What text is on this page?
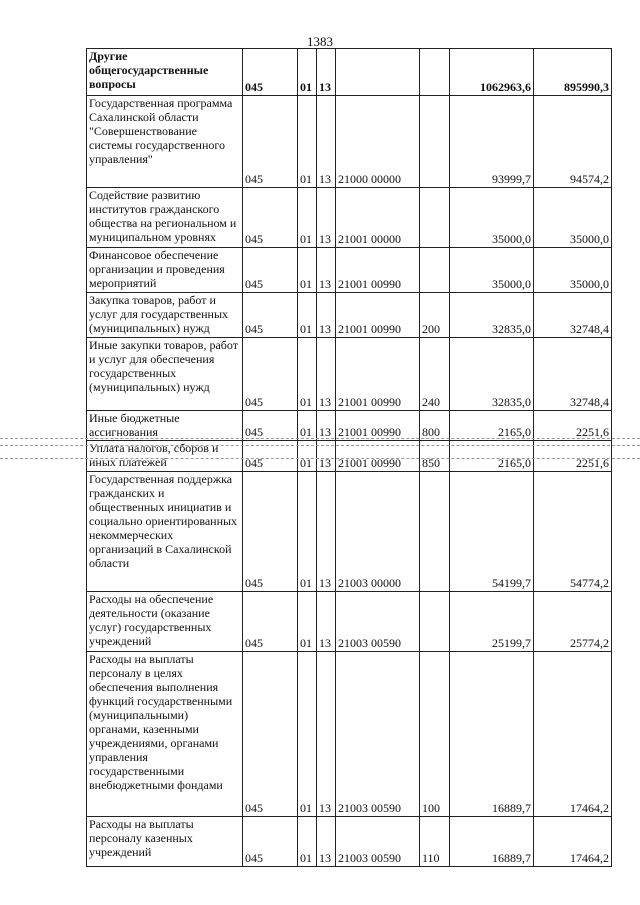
1383
Другие общегосударственные вопросы	045	01	13			1062963,6	895990,3
Государственная программа Сахалинской области "Совершенствование системы государственного управления"	045	01	13	21000 00000		93999,7	94574,2
Содействие развитию институтов гражданского общества на региональном и муниципальном уровнях	045	01	13	21001 00000		35000,0	35000,0
Финансовое обеспечение организации и проведения мероприятий	045	01	13	21001 00990		35000,0	35000,0
Закупка товаров, работ и услуг для государственных (муниципальных) нужд	045	01	13	21001 00990	200	32835,0	32748,4
Иные закупки товаров, работ и услуг для обеспечения государственных (муниципальных) нужд	045	01	13	21001 00990	240	32835,0	32748,4
Иные бюджетные ассигнования	045	01	13	21001 00990	800	2165,0	2251,6
Уплата налогов, сборов и иных платежей	045	01	13	21001 00990	850	2165,0	2251,6
Государственная поддержка гражданских и общественных инициатив и социально ориентированных некоммерческих организаций в Сахалинской области	045	01	13	21003 00000		54199,7	54774,2
Расходы на обеспечение деятельности (оказание услуг) государственных учреждений	045	01	13	21003 00590		25199,7	25774,2
Расходы на выплаты персоналу в целях обеспечения выполнения функций государственными (муниципальными) органами, казенными учреждениями, органами управления государственными внебюджетными фондами	045	01	13	21003 00590	100	16889,7	17464,2
Расходы на выплаты персоналу казенных учреждений	045	01	13	21003 00590	110	16889,7	17464,2
